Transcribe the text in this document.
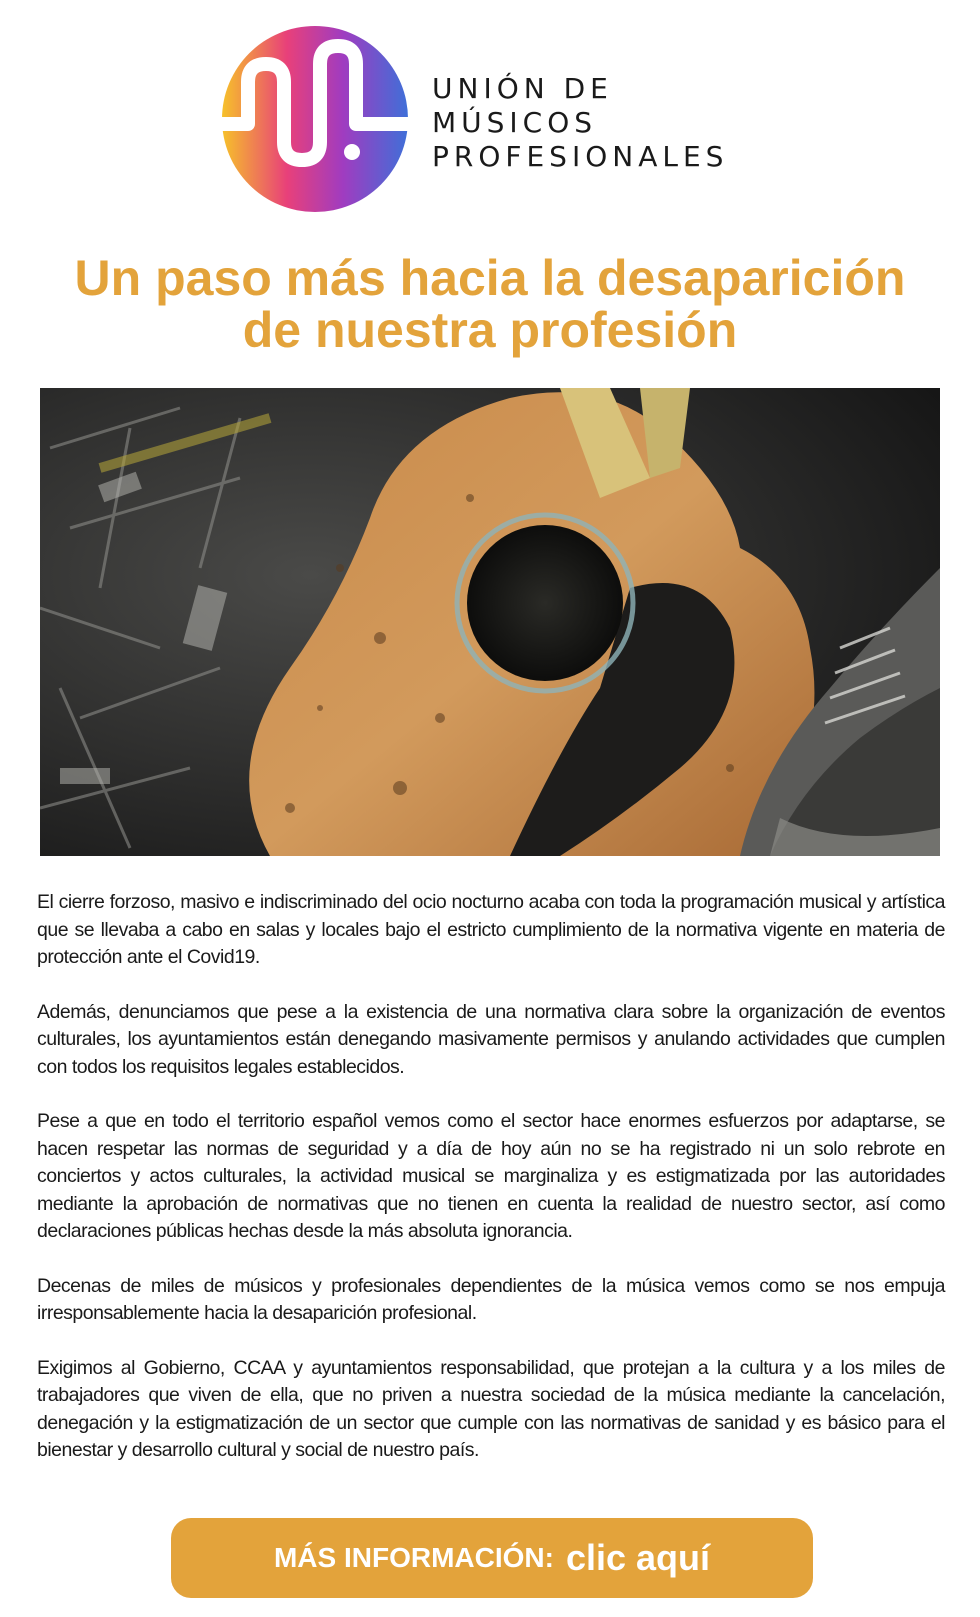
UNIÓN DE
MÚSICOS
PROFESIONALES
Un paso más hacia la desaparición
de nuestra profesión

El cierre forzoso, masivo e indiscriminado del ocio nocturno acaba con toda la programación musical y artística que se llevaba a cabo en salas y locales bajo el estricto cumplimiento de la normativa vigente en materia de protección ante el Covid19.

Además, denunciamos que pese a la existencia de una normativa clara sobre la organización de eventos culturales, los ayuntamientos están denegando masivamente permisos y anulando actividades que cumplen con todos los requisitos legales establecidos.

Pese a que en todo el territorio español vemos como el sector hace enormes esfuerzos por adaptarse, se hacen respetar las normas de seguridad y a día de hoy aún no se ha registrado ni un solo rebrote en conciertos y actos culturales, la actividad musical se marginaliza y es estigmatizada por las autoridades mediante la aprobación de normativas que no tienen en cuenta la realidad de nuestro sector, así como declaraciones públicas hechas desde la más absoluta ignorancia.

Decenas de miles de músicos y profesionales dependientes de la música vemos como se nos empuja irresponsablemente hacia la desaparición profesional.

Exigimos al Gobierno, CCAA y ayuntamientos responsabilidad, que protejan a la cultura y a los miles de trabajadores que viven de ella, que no priven a nuestra sociedad de la música mediante la cancelación, denegación y la estigmatización de un sector que cumple con las normativas de sanidad y es básico para el bienestar y desarrollo cultural y social de nuestro país.

MÁS INFORMACIÓN: clic aquí
